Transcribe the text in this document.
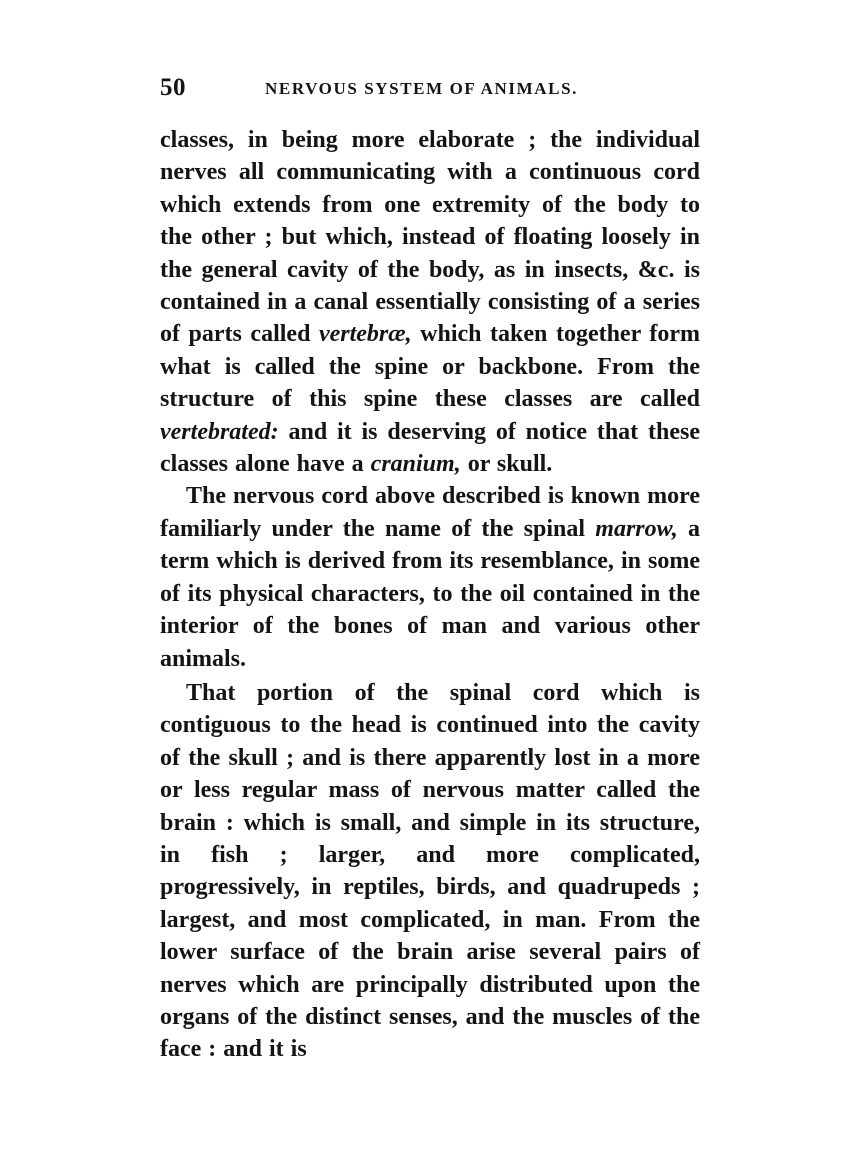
50	NERVOUS SYSTEM OF ANIMALS.

classes, in being more elaborate ; the individual nerves all communicating with a continuous cord which extends from one extremity of the body to the other ; but which, instead of floating loosely in the general cavity of the body, as in insects, &c. is contained in a canal essentially consisting of a series of parts called vertebræ, which taken together form what is called the spine or backbone. From the structure of this spine these classes are called vertebrated: and it is deserving of notice that these classes alone have a cranium, or skull.

The nervous cord above described is known more familiarly under the name of the spinal marrow, a term which is derived from its resemblance, in some of its physical characters, to the oil contained in the interior of the bones of man and various other animals.

That portion of the spinal cord which is contiguous to the head is continued into the cavity of the skull ; and is there apparently lost in a more or less regular mass of nervous matter called the brain : which is small, and simple in its structure, in fish ; larger, and more complicated, progressively, in reptiles, birds, and quadrupeds ; largest, and most complicated, in man. From the lower surface of the brain arise several pairs of nerves which are principally distributed upon the organs of the distinct senses, and the muscles of the face : and it is
